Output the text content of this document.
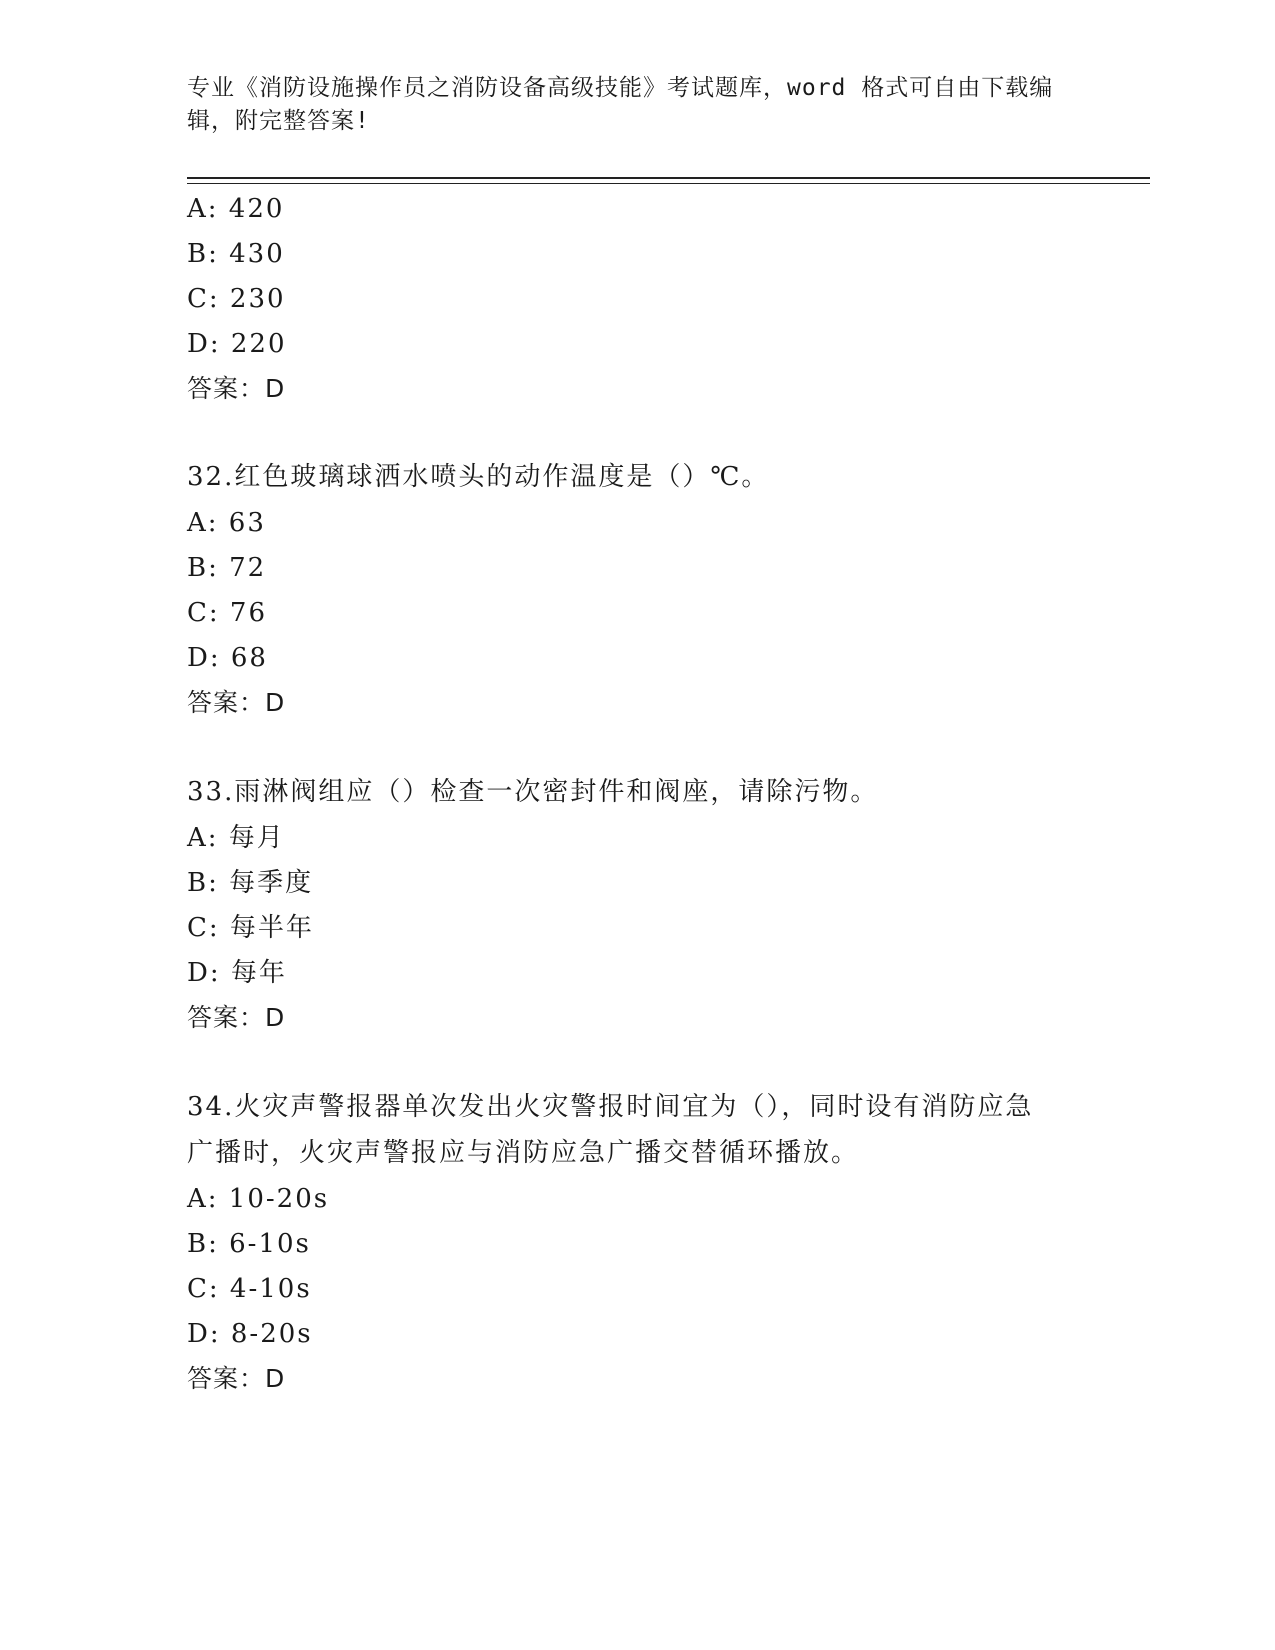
专业《消防设施操作员之消防设备高级技能》考试题库，word 格式可自由下载编
辑，附完整答案!
A: 420
B: 430
C: 230
D: 220
答案：D
32.红色玻璃球洒水喷头的动作温度是（）℃。
A: 63
B: 72
C: 76
D: 68
答案：D
33.雨淋阀组应（）检查一次密封件和阀座，请除污物。
A: 每月
B: 每季度
C: 每半年
D: 每年
答案：D
34.火灾声警报器单次发出火灾警报时间宜为（），同时设有消防应急
广播时，火灾声警报应与消防应急广播交替循环播放。
A: 10-20s
B: 6-10s
C: 4-10s
D: 8-20s
答案：D
